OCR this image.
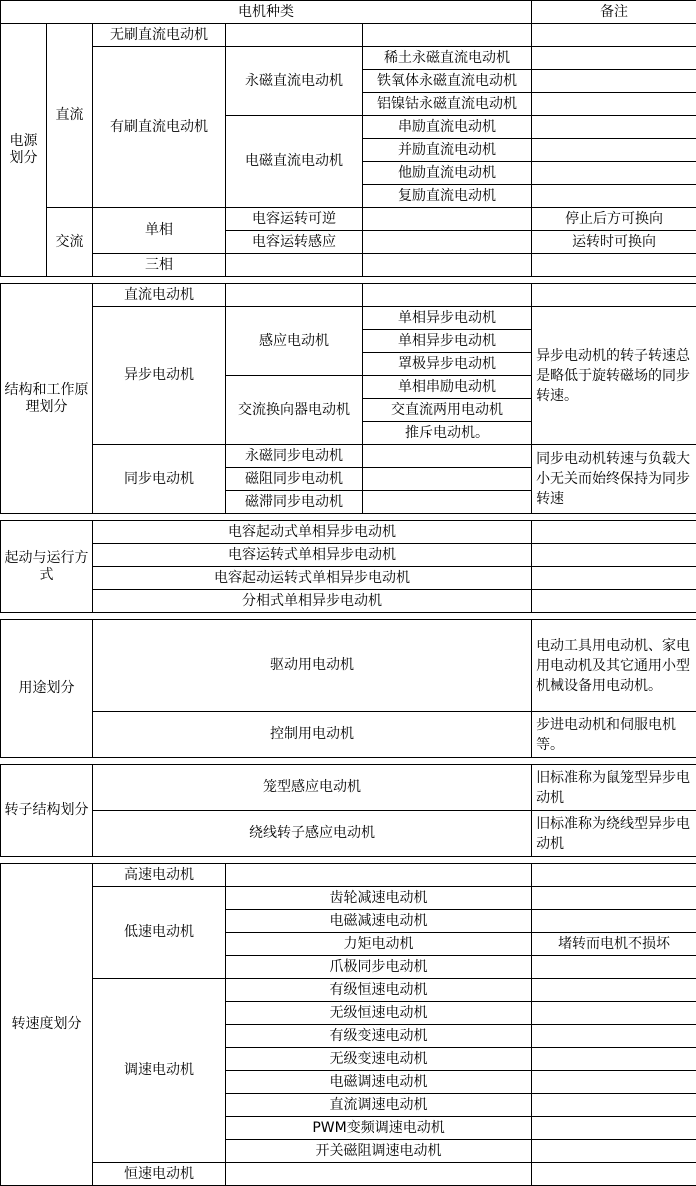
电机种类					备注
电源划分	直流	无刷直流电动机			
		有刷直流电动机	永磁直流电动机	稀土永磁直流电动机	
				铁氧体永磁直流电动机	
				铝镍钴永磁直流电动机	
			电磁直流电动机	串励直流电动机	
				并励直流电动机	
				他励直流电动机	
				复励直流电动机	
	交流	单相	电容运转可逆		停止后方可换向
			电容运转感应		运转时可换向
		三相			

结构和工作原理划分		直流电动机			
		异步电动机	感应电动机	单相异步电动机	异步电动机的转子转速总是略低于旋转磁场的同步转速。
				单相异步电动机	
				罩极异步电动机	
			交流换向器电动机	单相串励电动机	
				交直流两用电动机	
				推斥电动机。	
		同步电动机	永磁同步电动机		同步电动机转速与负载大小无关而始终保持为同步转速
			磁阻同步电动机		
			磁滞同步电动机		

起动与运行方式		电容起动式单相异步电动机			
		电容运转式单相异步电动机			
		电容起动运转式单相异步电动机			
		分相式单相异步电动机			

用途划分		驱动用电动机			电动工具用电动机、家电用电动机及其它通用小型机械设备用电动机。
		控制用电动机			步进电动机和伺服电机等。

转子结构划分		笼型感应电动机			旧标准称为鼠笼型异步电动机
		绕线转子感应电动机			旧标准称为绕线型异步电动机

转速度划分		高速电动机			
		低速电动机	齿轮减速电动机		
			电磁减速电动机		
			力矩电动机		堵转而电机不损坏
			爪极同步电动机		
		调速电动机	有级恒速电动机		
			无级恒速电动机		
			有级变速电动机		
			无级变速电动机		
			电磁调速电动机		
			直流调速电动机		
			PWM变频调速电动机		
			开关磁阻调速电动机		
		恒速电动机			
